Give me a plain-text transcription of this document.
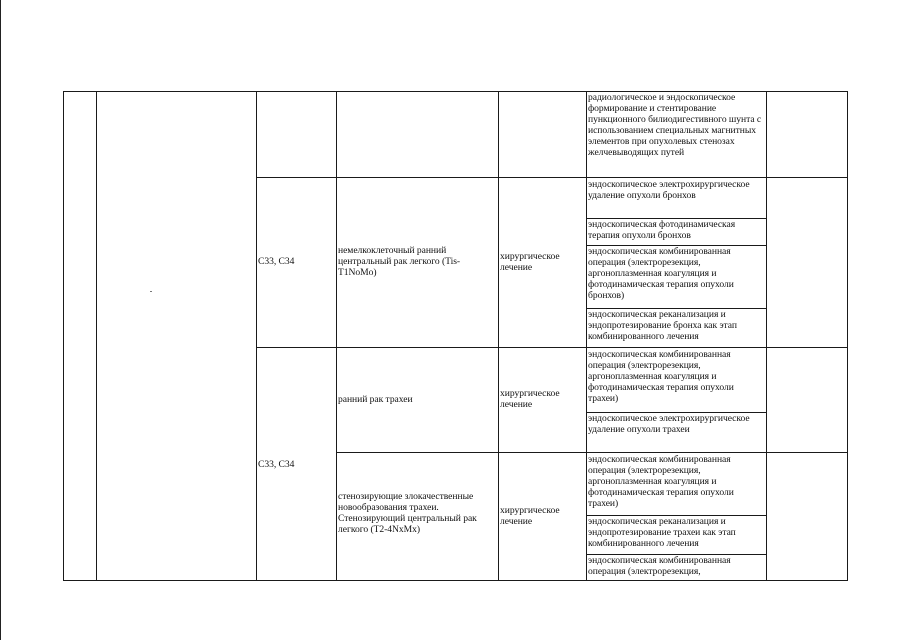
радиологическое и эндоскопическое формирование и стентирование пункционного билиодигестивного шунта с использованием специальных магнитных элементов при опухолевых стенозах желчевыводящих путей
C33, C34
немелкоклеточный ранний центральный рак легкого (Tis-T1NoMo)
хирургическое лечение
эндоскопическое электрохирургическое удаление опухоли бронхов
эндоскопическая фотодинамическая терапия опухоли бронхов
эндоскопическая комбинированная операция (электрорезекция, аргоноплазменная коагуляция и фотодинамическая терапия опухоли бронхов)
эндоскопическая реканализация и эндопротезирование бронха как этап комбинированного лечения
C33, C34
ранний рак трахеи
хирургическое лечение
эндоскопическая комбинированная операция (электрорезекция, аргоноплазменная коагуляция и фотодинамическая терапия опухоли трахеи)
эндоскопическое электрохирургическое удаление опухоли трахеи
стенозирующие злокачественные новообразования трахеи. Стенозирующий центральный рак легкого (T2-4NxMx)
хирургическое лечение
эндоскопическая комбинированная операция (электрорезекция, аргоноплазменная коагуляция и фотодинамическая терапия опухоли трахеи)
эндоскопическая реканализация и эндопротезирование трахеи как этап комбинированного лечения
эндоскопическая комбинированная операция (электрорезекция,
